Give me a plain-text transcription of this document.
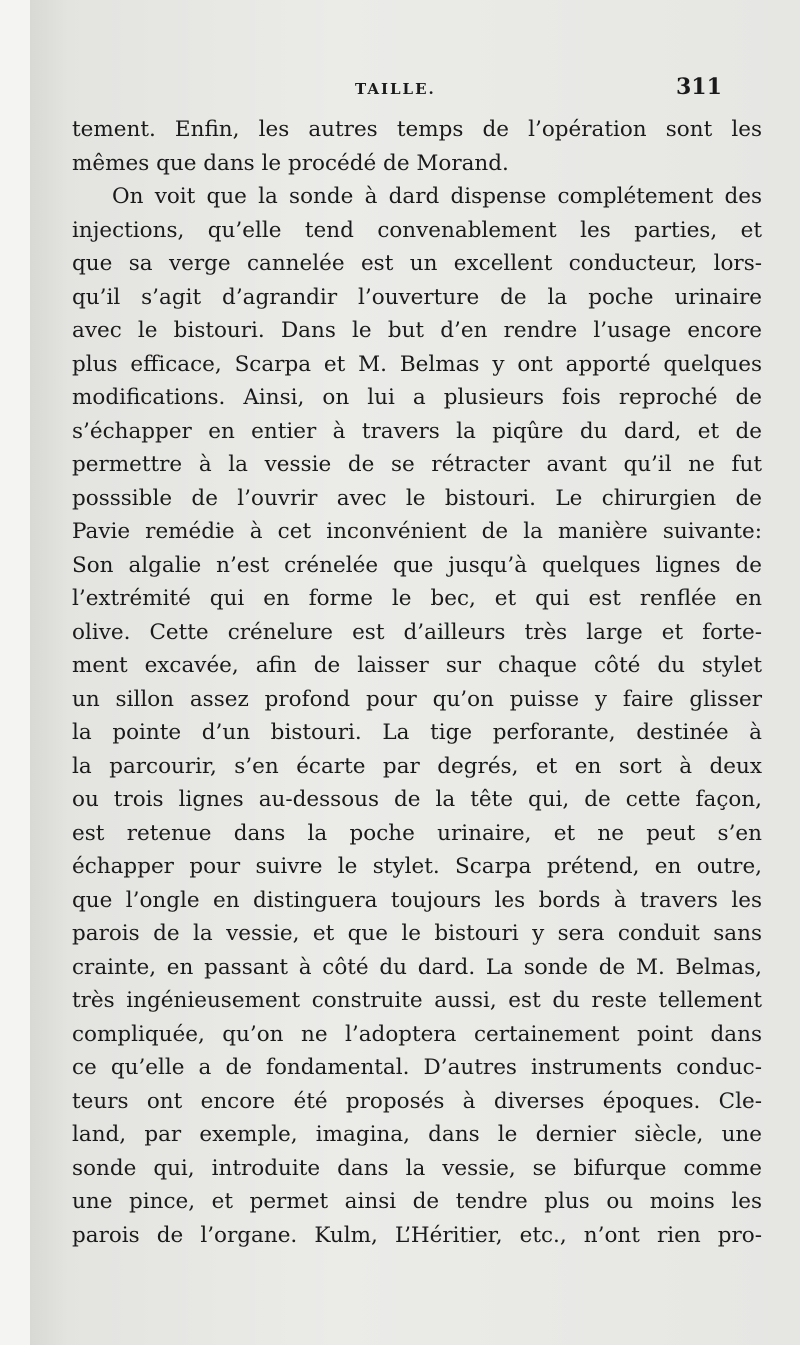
TAILLE.	311
tement. Enfin, les autres temps de l’opération sont les
mêmes que dans le procédé de Morand.
On voit que la sonde à dard dispense complétement des
injections, qu’elle tend convenablement les parties, et
que sa verge cannelée est un excellent conducteur, lors-
qu’il s’agit d’agrandir l’ouverture de la poche urinaire
avec le bistouri. Dans le but d’en rendre l’usage encore
plus efficace, Scarpa et M. Belmas y ont apporté quelques
modifications. Ainsi, on lui a plusieurs fois reproché de
s’échapper en entier à travers la piqûre du dard, et de
permettre à la vessie de se rétracter avant qu’il ne fut
posssible de l’ouvrir avec le bistouri. Le chirurgien de
Pavie remédie à cet inconvénient de la manière suivante:
Son algalie n’est crénelée que jusqu’à quelques lignes de
l’extrémité qui en forme le bec, et qui est renflée en
olive. Cette crénelure est d’ailleurs très large et forte-
ment excavée, afin de laisser sur chaque côté du stylet
un sillon assez profond pour qu’on puisse y faire glisser
la pointe d’un bistouri. La tige perforante, destinée à
la parcourir, s’en écarte par degrés, et en sort à deux
ou trois lignes au-dessous de la tête qui, de cette façon,
est retenue dans la poche urinaire, et ne peut s’en
échapper pour suivre le stylet. Scarpa prétend, en outre,
que l’ongle en distinguera toujours les bords à travers les
parois de la vessie, et que le bistouri y sera conduit sans
crainte, en passant à côté du dard. La sonde de M. Belmas,
très ingénieusement construite aussi, est du reste tellement
compliquée, qu’on ne l’adoptera certainement point dans
ce qu’elle a de fondamental. D’autres instruments conduc-
teurs ont encore été proposés à diverses époques. Cle-
land, par exemple, imagina, dans le dernier siècle, une
sonde qui, introduite dans la vessie, se bifurque comme
une pince, et permet ainsi de tendre plus ou moins les
parois de l’organe. Kulm, L’Héritier, etc., n’ont rien pro-
